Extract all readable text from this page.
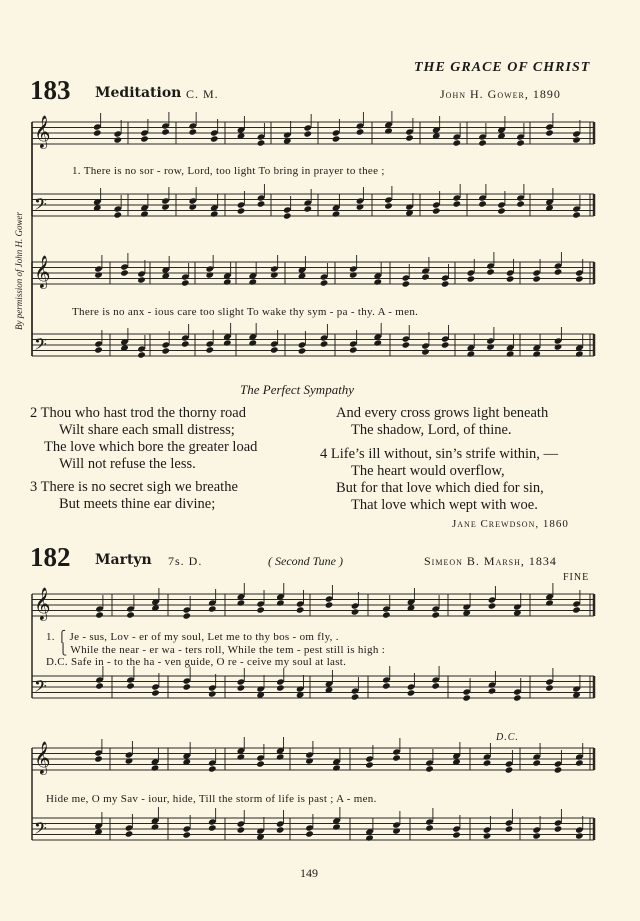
THE GRACE OF CHRIST
183 Meditation C. M.	John H. Gower, 1890
By permission of John H. Gower
𝄞
𝄢
𝄞
𝄢
𝄞
𝄢
𝄞
𝄢
1. There is no sor - row, Lord, too light To bring in prayer to thee ;
There is no anx - ious care too slight To wake thy sym - pa - thy. A - men.
The Perfect Sympathy
2 Thou who hast trod the thorny road
Wilt share each small distress;
The love which bore the greater load
Will not refuse the less.
3 There is no secret sigh we breathe
But meets thine ear divine;
And every cross grows light beneath
The shadow, Lord, of thine.
4 Life’s ill without, sin’s strife within, —
The heart would overflow,
But for that love which died for sin,
That love which wept with woe.
Jane Crewdson, 1860
182 Martyn 7s. D.	( Second Tune )	Simeon B. Marsh, 1834
FINE
1. ⎧ Je - sus, Lov - er of my soul, Let me to thy bos - om fly, .
⎩ While the near - er wa - ters roll, While the tem - pest still is high :
D.C. Safe in - to the ha - ven guide, O re - ceive my soul at last.
D.C.
Hide me, O my Sav - iour, hide, Till the storm of life is past ; A - men.
149
